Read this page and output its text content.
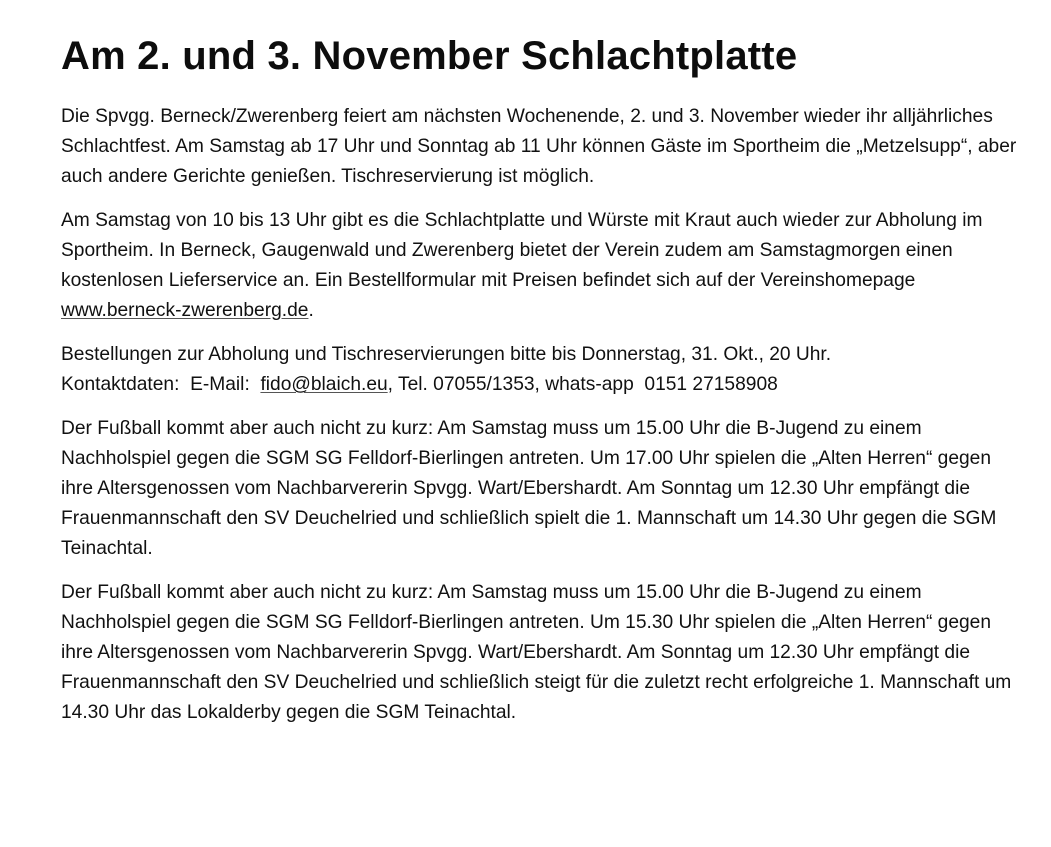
Am 2. und 3. November Schlachtplatte

Die Spvgg. Berneck/Zwerenberg feiert am nächsten Wochenende, 2. und 3. November wieder ihr alljährliches Schlachtfest. Am Samstag ab 17 Uhr und Sonntag ab 11 Uhr können Gäste im Sportheim die „Metzelsupp“, aber auch andere Gerichte genießen. Tischreservierung ist möglich.

Am Samstag von 10 bis 13 Uhr gibt es die Schlachtplatte und Würste mit Kraut auch wieder zur Abholung im Sportheim. In Berneck, Gaugenwald und Zwerenberg bietet der Verein zudem am Samstagmorgen einen kostenlosen Lieferservice an. Ein Bestellformular mit Preisen befindet sich auf der Vereinshomepage www.berneck-zwerenberg.de.

Bestellungen zur Abholung und Tischreservierungen bitte bis Donnerstag, 31. Okt., 20 Uhr.
Kontaktdaten:  E-Mail:  fido@blaich.eu, Tel. 07055/1353, whats-app  0151 27158908

Der Fußball kommt aber auch nicht zu kurz: Am Samstag muss um 15.00 Uhr die B-Jugend zu einem Nachholspiel gegen die SGM SG Felldorf-Bierlingen antreten. Um 17.00 Uhr spielen die „Alten Herren“ gegen ihre Altersgenossen vom Nachbarvererin Spvgg. Wart/Ebershardt. Am Sonntag um 12.30 Uhr empfängt die Frauenmannschaft den SV Deuchelried und schließlich spielt die 1. Mannschaft um 14.30 Uhr gegen die SGM Teinachtal.

Der Fußball kommt aber auch nicht zu kurz: Am Samstag muss um 15.00 Uhr die B-Jugend zu einem Nachholspiel gegen die SGM SG Felldorf-Bierlingen antreten. Um 15.30 Uhr spielen die „Alten Herren“ gegen ihre Altersgenossen vom Nachbarvererin Spvgg. Wart/Ebershardt. Am Sonntag um 12.30 Uhr empfängt die Frauenmannschaft den SV Deuchelried und schließlich steigt für die zuletzt recht erfolgreiche 1. Mannschaft um 14.30 Uhr das Lokalderby gegen die SGM Teinachtal.
